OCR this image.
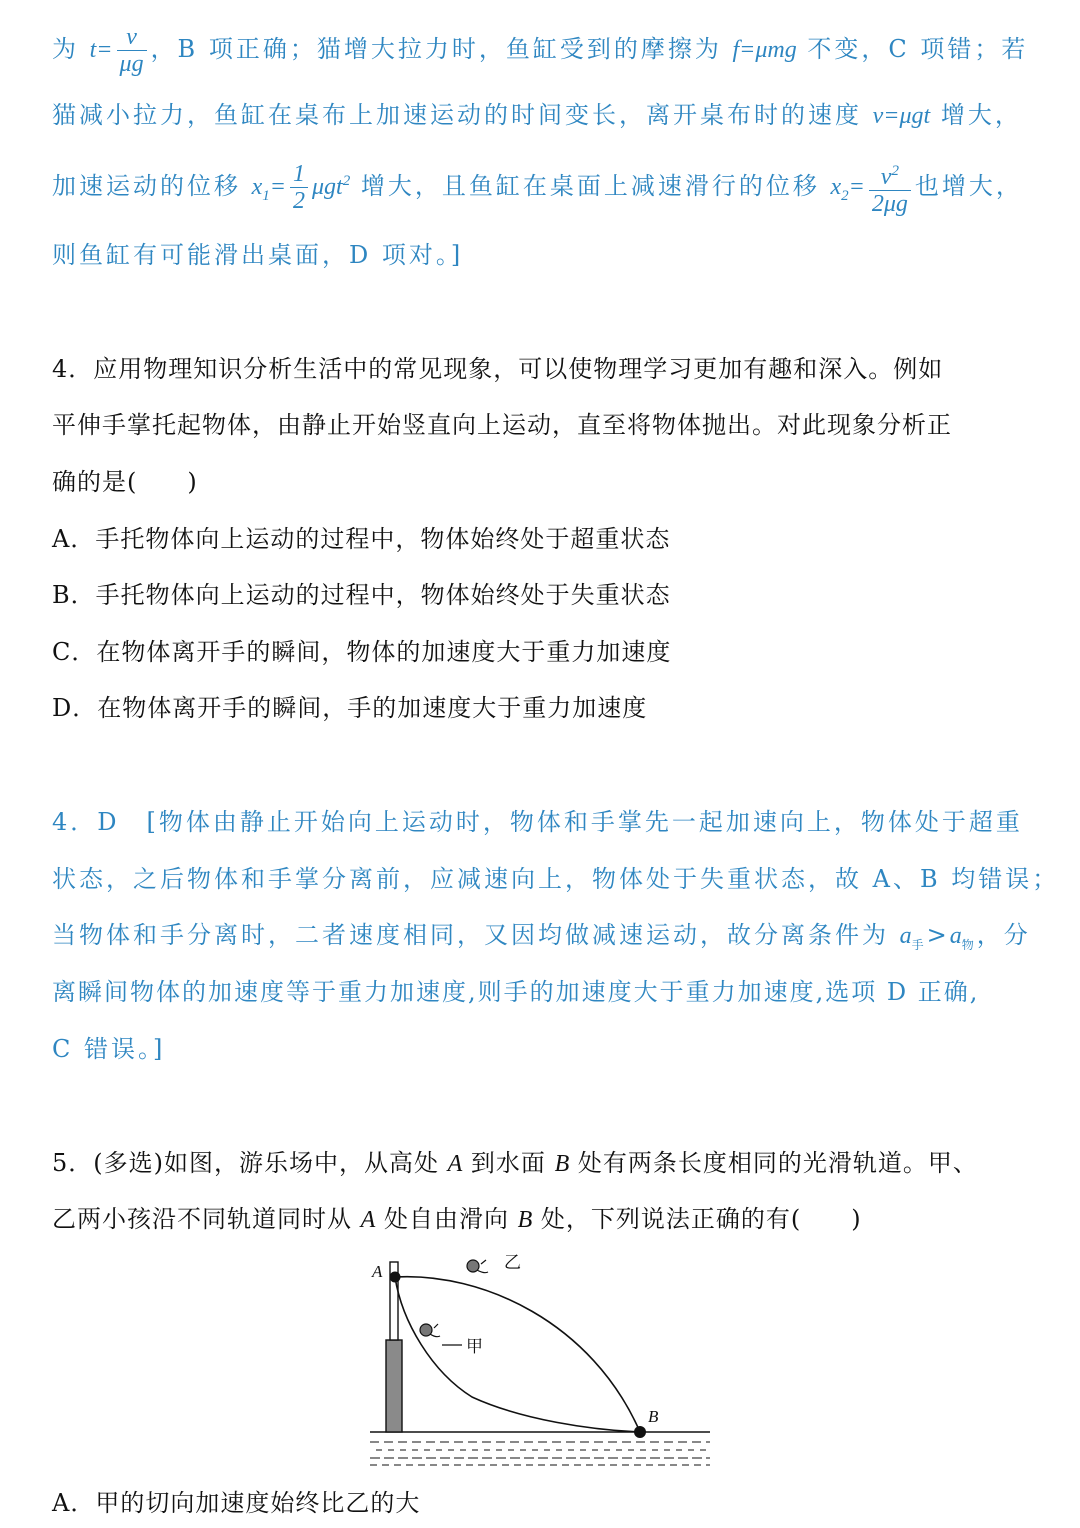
为 $t= \frac{v}{\mu g}$ ，B 项正确；猫增大拉力时，鱼缸受到的摩擦为 f=μmg 不变，C 项错；若
猫减小拉力，鱼缸在桌布上加速运动的时间变长，离开桌布时的速度 v=μgt 增大，
加速运动的位移 $x_1= \frac{1}{2} \mu gt^2$ 增大，且鱼缸在桌面上减速滑行的位移 $x_2= \frac{v^2}{2\mu g}$ 也增大，
则鱼缸有可能滑出桌面，D 项对。]
4．应用物理知识分析生活中的常见现象，可以使物理学习更加有趣和深入。例如
平伸手掌托起物体，由静止开始竖直向上运动，直至将物体抛出。对此现象分析正
确的是(　　)
A．手托物体向上运动的过程中，物体始终处于超重状态
B．手托物体向上运动的过程中，物体始终处于失重状态
C．在物体离开手的瞬间，物体的加速度大于重力加速度
D．在物体离开手的瞬间，手的加速度大于重力加速度
4．D　[物体由静止开始向上运动时，物体和手掌先一起加速向上，物体处于超重
状态，之后物体和手掌分离前，应减速向上，物体处于失重状态，故 A、B 均错误；
当物体和手分离时，二者速度相同，又因均做减速运动，故分离条件为 $a_手>a_物$，分
离瞬间物体的加速度等于重力加速度,则手的加速度大于重力加速度,选项 D 正确,
C 错误。]
5．(多选)如图，游乐场中，从高处 A 到水面 B 处有两条长度相同的光滑轨道。甲、
乙两小孩沿不同轨道同时从 A 处自由滑向 B 处，下列说法正确的有(　　)
A
B
乙
甲
A．甲的切向加速度始终比乙的大
